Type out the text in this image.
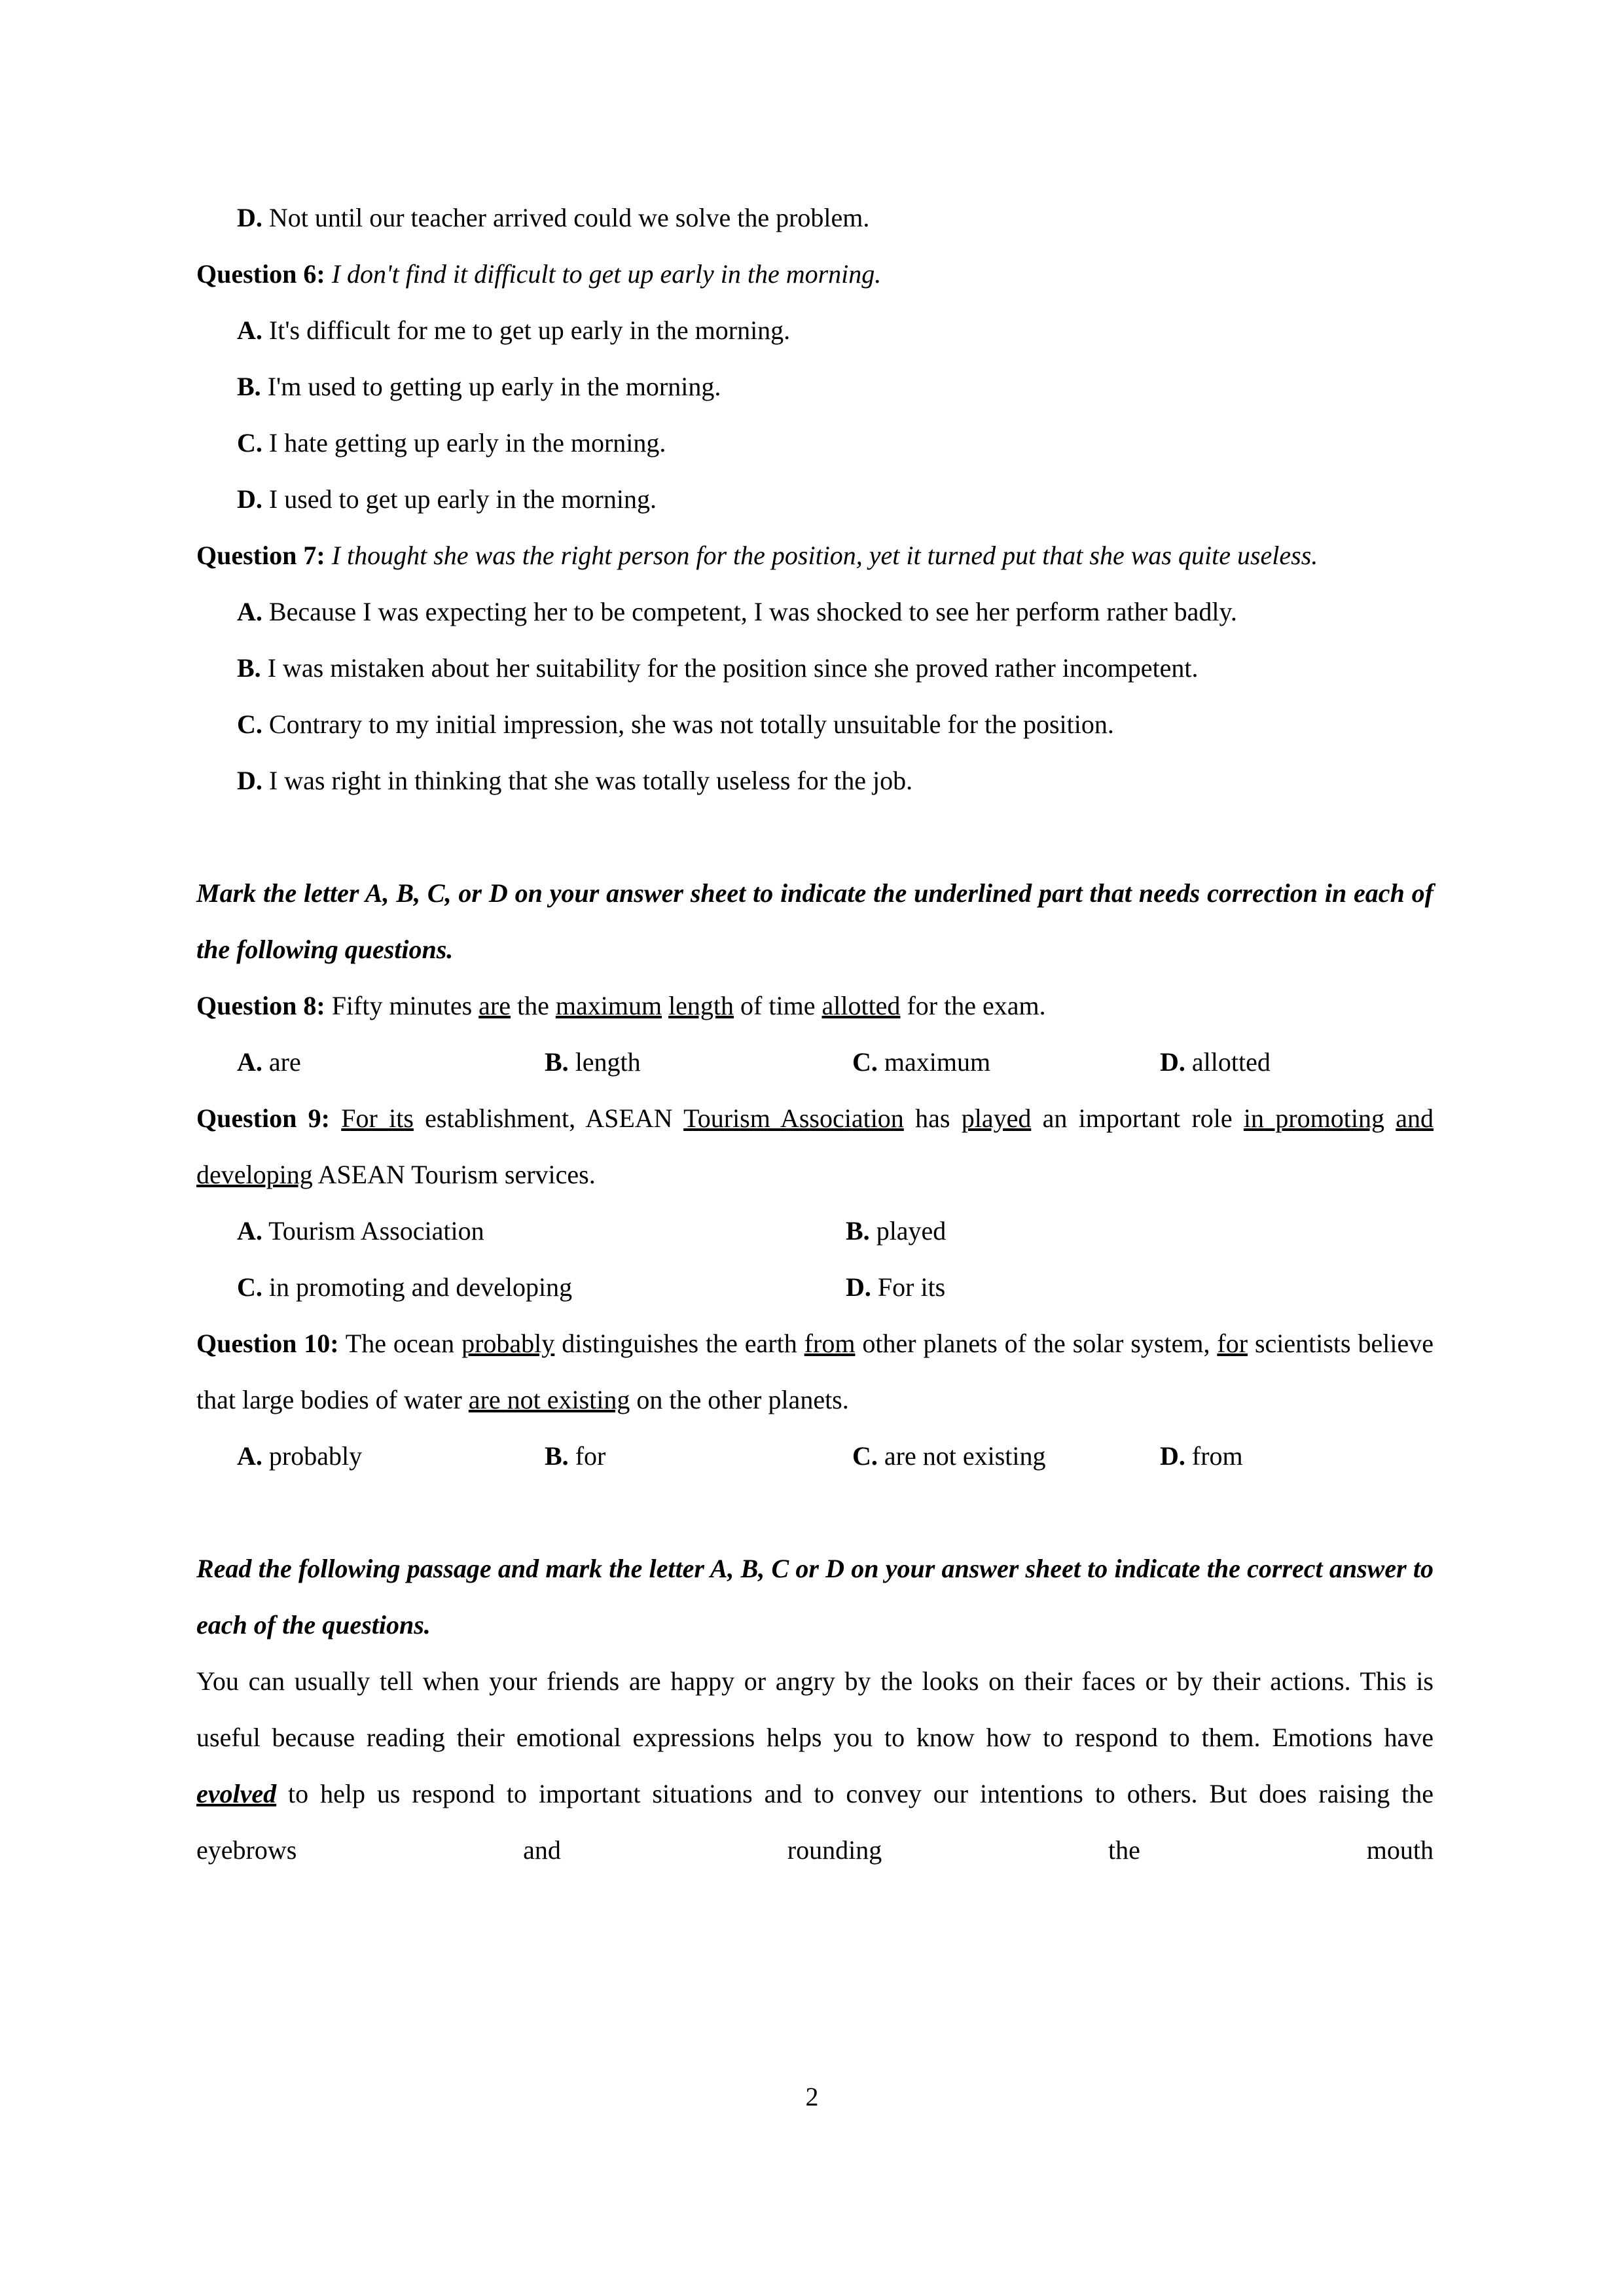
D. Not until our teacher arrived could we solve the problem.

Question 6: I don't find it difficult to get up early in the morning.

A. It's difficult for me to get up early in the morning.

B. I'm used to getting up early in the morning.

C. I hate getting up early in the morning.

D. I used to get up early in the morning.

Question 7: I thought she was the right person for the position, yet it turned put that she was quite useless.

A. Because I was expecting her to be competent, I was shocked to see her perform rather badly.

B. I was mistaken about her suitability for the position since she proved rather incompetent.

C. Contrary to my initial impression, she was not totally unsuitable for the position.

D. I was right in thinking that she was totally useless for the job.

Mark the letter A, B, C, or D on your answer sheet to indicate the underlined part that needs correction in each of the following questions.

Question 8: Fifty minutes are the maximum length of time allotted for the exam.

A. are	B. length	C. maximum	D. allotted

Question 9: For its establishment, ASEAN Tourism Association has played an important role in promoting and developing ASEAN Tourism services.

A. Tourism Association	B. played
C. in promoting and developing	D. For its

Question 10: The ocean probably distinguishes the earth from other planets of the solar system, for scientists believe that large bodies of water are not existing on the other planets.

A. probably	B. for	C. are not existing	D. from

Read the following passage and mark the letter A, B, C or D on your answer sheet to indicate the correct answer to each of the questions.

You can usually tell when your friends are happy or angry by the looks on their faces or by their actions. This is useful because reading their emotional expressions helps you to know how to respond to them. Emotions have evolved to help us respond to important situations and to convey our intentions to others. But does raising the eyebrows and rounding the mouth

2
